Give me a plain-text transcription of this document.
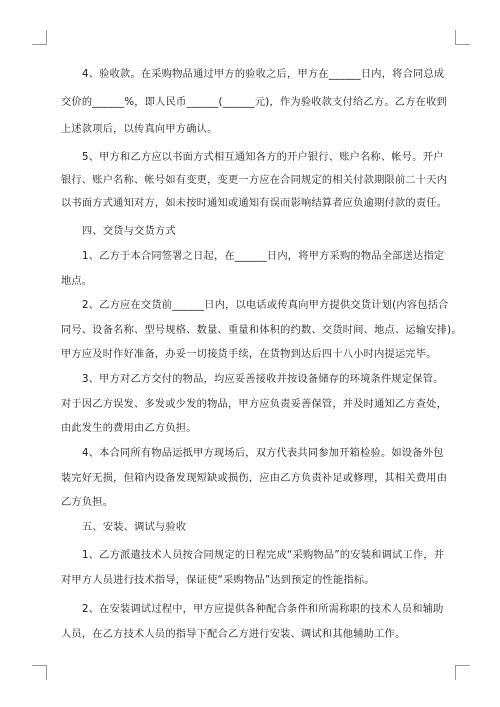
4、验收款。在采购物品通过甲方的验收之后，甲方在______日内，将合同总成
交价的______%，即人民币______(______元)，作为验收款支付给乙方。乙方在收到
上述款项后，以传真向甲方确认。
5、甲方和乙方应以书面方式相互通知各方的开户银行、账户名称、帐号。开户
银行、账户名称、帐号如有变更，变更一方应在合同规定的相关付款期限前二十天内
以书面方式通知对方，如未按时通知或通知有误而影响结算者应负逾期付款的责任。
四、交货与交货方式
1、乙方于本合同签署之日起，在______日内，将甲方采购的物品全部送达指定
地点。
2、乙方应在交货前______日内，以电话或传真向甲方提供交货计划(内容包括合
同号、设备名称、型号规格、数量、重量和体积的约数、交货时间、地点、运输安排)。
甲方应及时作好准备，办妥一切接货手续，在货物到达后四十八小时内提运完毕。
3、甲方对乙方交付的物品，均应妥善接收并按设备储存的环境条件规定保管。
对于因乙方误发、多发或少发的物品，甲方应负责妥善保管，并及时通知乙方查处，
由此发生的费用由乙方负担。
4、本合同所有物品运抵甲方现场后，双方代表共同参加开箱检验。如设备外包
装完好无损，但箱内设备发现短缺或损伤，应由乙方负责补足或修理，其相关费用由
乙方负担。
五、安装、调试与验收
1、乙方派遣技术人员按合同规定的日程完成“采购物品”的安装和调试工作，并
对甲方人员进行技术指导，保证使“采购物品”达到预定的性能指标。
2、在安装调试过程中，甲方应提供各种配合条件和所需称职的技术人员和辅助
人员，在乙方技术人员的指导下配合乙方进行安装、调试和其他辅助工作。
